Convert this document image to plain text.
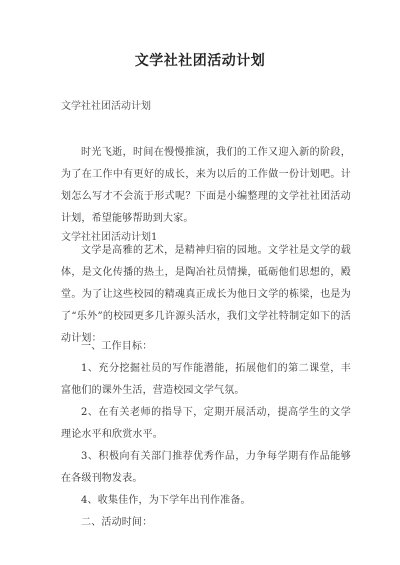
文学社社团活动计划
文学社社团活动计划
时光飞逝，时间在慢慢推演，我们的工作又迎入新的阶段，为了在工作中有更好的成长，来为以后的工作做一份计划吧。计划怎么写才不会流于形式呢？下面是小编整理的文学社社团活动计划，希望能够帮助到大家。
文学社社团活动计划1
文学是高雅的艺术，是精神归宿的园地。文学社是文学的载体，是文化传播的热土，是陶冶社员情操，砥砺他们思想的，殿堂。为了让这些校园的精魂真正成长为他日文学的栋梁，也是为了“乐外”的校园更多几许源头活水，我们文学社特制定如下的活动计划：
一、工作目标：
1、充分挖掘社员的写作能潜能，拓展他们的第二课堂，丰富他们的课外生活，营造校园文学气氛。
2、在有关老师的指导下，定期开展活动，提高学生的文学理论水平和欣赏水平。
3、积极向有关部门推荐优秀作品，力争每学期有作品能够在各级刊物发表。
4、收集佳作，为下学年出刊作准备。
二、活动时间：
